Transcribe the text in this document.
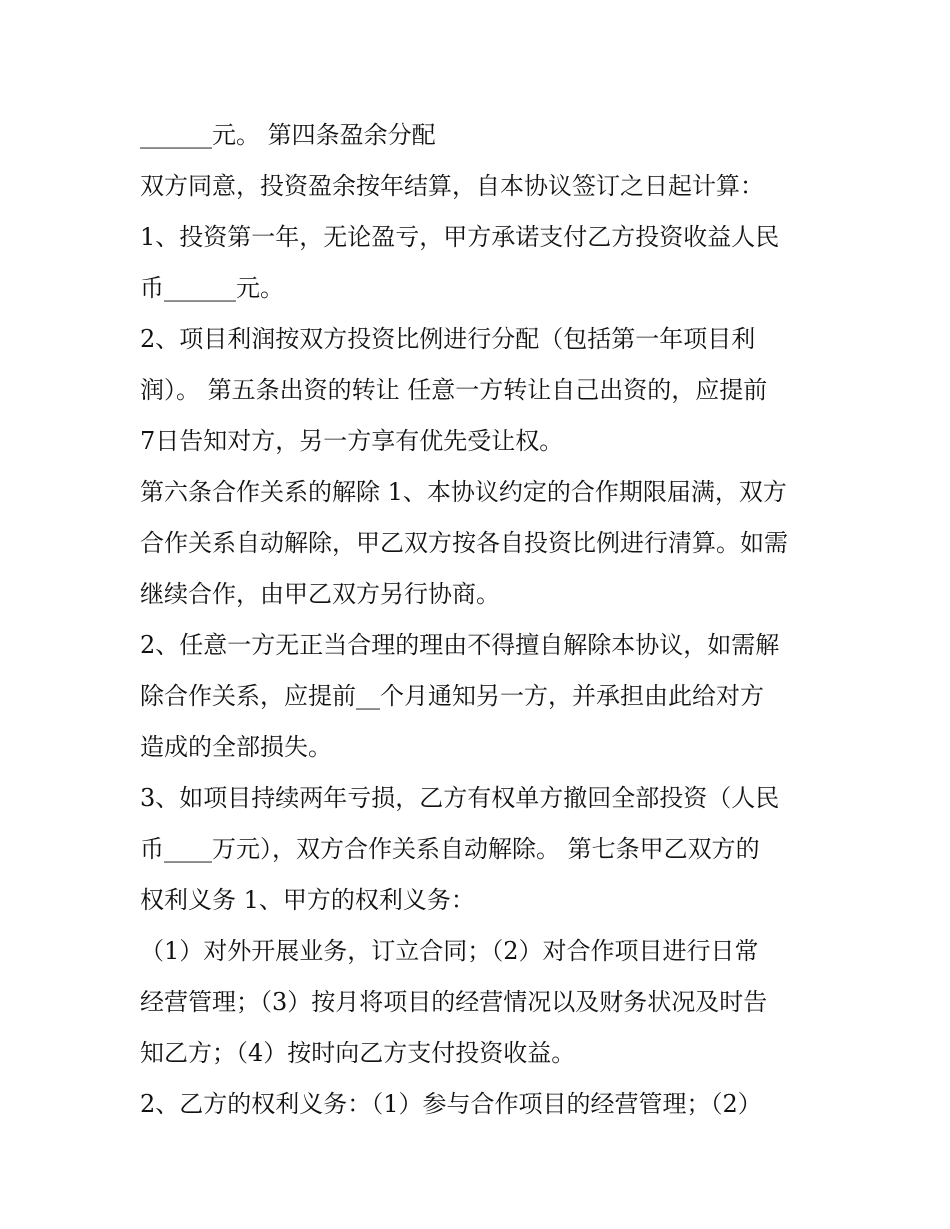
______元。 第四条盈余分配
双方同意，投资盈余按年结算，自本协议签订之日起计算：
1、投资第一年，无论盈亏，甲方承诺支付乙方投资收益人民
币______元。
2、项目利润按双方投资比例进行分配（包括第一年项目利
润）。 第五条出资的转让 任意一方转让自己出资的，应提前
7日告知对方，另一方享有优先受让权。
第六条合作关系的解除 1、本协议约定的合作期限届满，双方
合作关系自动解除，甲乙双方按各自投资比例进行清算。如需
继续合作，由甲乙双方另行协商。
2、任意一方无正当合理的理由不得擅自解除本协议，如需解
除合作关系，应提前__个月通知另一方，并承担由此给对方
造成的全部损失。
3、如项目持续两年亏损，乙方有权单方撤回全部投资（人民
币____万元），双方合作关系自动解除。 第七条甲乙双方的
权利义务 1、甲方的权利义务：
（1）对外开展业务，订立合同；（2）对合作项目进行日常
经营管理；（3）按月将项目的经营情况以及财务状况及时告
知乙方；（4）按时向乙方支付投资收益。
2、乙方的权利义务：（1）参与合作项目的经营管理；（2）
